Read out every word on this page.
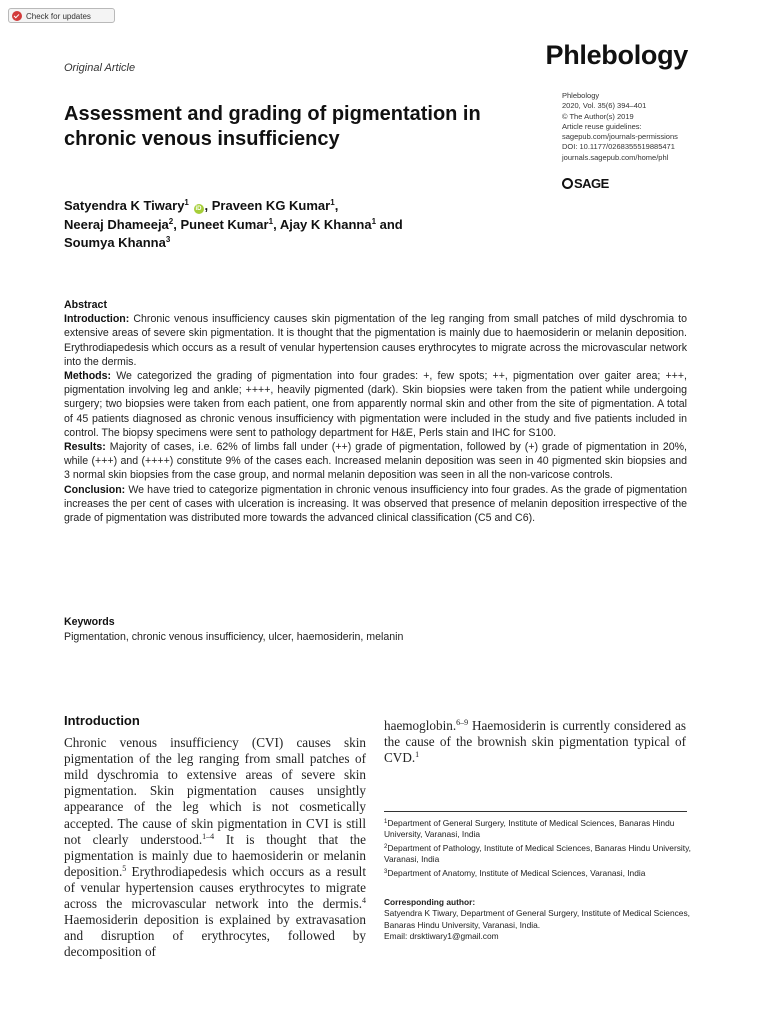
Check for updates
Phlebology
Original Article
Assessment and grading of pigmentation in chronic venous insufficiency
Phlebology
2020, Vol. 35(6) 394–401
© The Author(s) 2019
Article reuse guidelines:
sagepub.com/journals-permissions
DOI: 10.1177/0268355519885471
journals.sagepub.com/home/phl
SAGE
Satyendra K Tiwary$^1$ iD , Praveen KG Kumar$^1$,
Neeraj Dhameeja$^2$, Puneet Kumar$^1$, Ajay K Khanna$^1$ and
Soumya Khanna$^3$

Abstract

Introduction: Chronic venous insufficiency causes skin pigmentation of the leg ranging from small patches of mild dyschromia to extensive areas of severe skin pigmentation. It is thought that the pigmentation is mainly due to haemosiderin or melanin deposition. Erythrodiapedesis which occurs as a result of venular hypertension causes erythrocytes to migrate across the microvascular network into the dermis.

Methods: We categorized the grading of pigmentation into four grades: +, few spots; ++, pigmentation over gaiter area; +++, pigmentation involving leg and ankle; ++++, heavily pigmented (dark). Skin biopsies were taken from the patient while undergoing surgery; two biopsies were taken from each patient, one from apparently normal skin and other from the site of pigmentation. A total of 45 patients diagnosed as chronic venous insufficiency with pigmentation were included in the study and five patients included in control. The biopsy specimens were sent to pathology department for H&E, Perls stain and IHC for S100.

Results: Majority of cases, i.e. 62% of limbs fall under (++) grade of pigmentation, followed by (+) grade of pigmentation in 20%, while (+++) and (++++) constitute 9% of the cases each. Increased melanin deposition was seen in 40 pigmented skin biopsies and 3 normal skin biopsies from the case group, and normal melanin deposition was seen in all the non-varicose controls.

Conclusion: We have tried to categorize pigmentation in chronic venous insufficiency into four grades. As the grade of pigmentation increases the per cent of cases with ulceration is increasing. It was observed that presence of melanin deposition irrespective of the grade of pigmentation was distributed more towards the advanced clinical classification (C5 and C6).

Keywords
Pigmentation, chronic venous insufficiency, ulcer, haemosiderin, melanin
Introduction

Chronic venous insufficiency (CVI) causes skin pigmentation of the leg ranging from small patches of mild dyschromia to extensive areas of severe skin pigmentation. Skin pigmentation causes unsightly appearance of the leg which is not cosmetically accepted. The cause of skin pigmentation in CVI is still not clearly understood.$^{1-4}$ It is thought that the pigmentation is mainly due to haemosiderin or melanin deposition.$^5$ Erythrodiapedesis which occurs as a result of venular hypertension causes erythrocytes to migrate across the microvascular network into the dermis.$^4$ Haemosiderin deposition is explained by extravasation and disruption of erythrocytes, followed by decomposition of

haemoglobin.$^{6-9}$ Haemosiderin is currently considered as the cause of the brownish skin pigmentation typical of CVD.$^1$

$^1$Department of General Surgery, Institute of Medical Sciences, Banaras Hindu University, Varanasi, India
$^2$Department of Pathology, Institute of Medical Sciences, Banaras Hindu University, Varanasi, India
$^3$Department of Anatomy, Institute of Medical Sciences, Varanasi, India
Corresponding author:
Satyendra K Tiwary, Department of General Surgery, Institute of Medical Sciences, Banaras Hindu University, Varanasi, India.
Email: drsktiwary1@gmail.com
